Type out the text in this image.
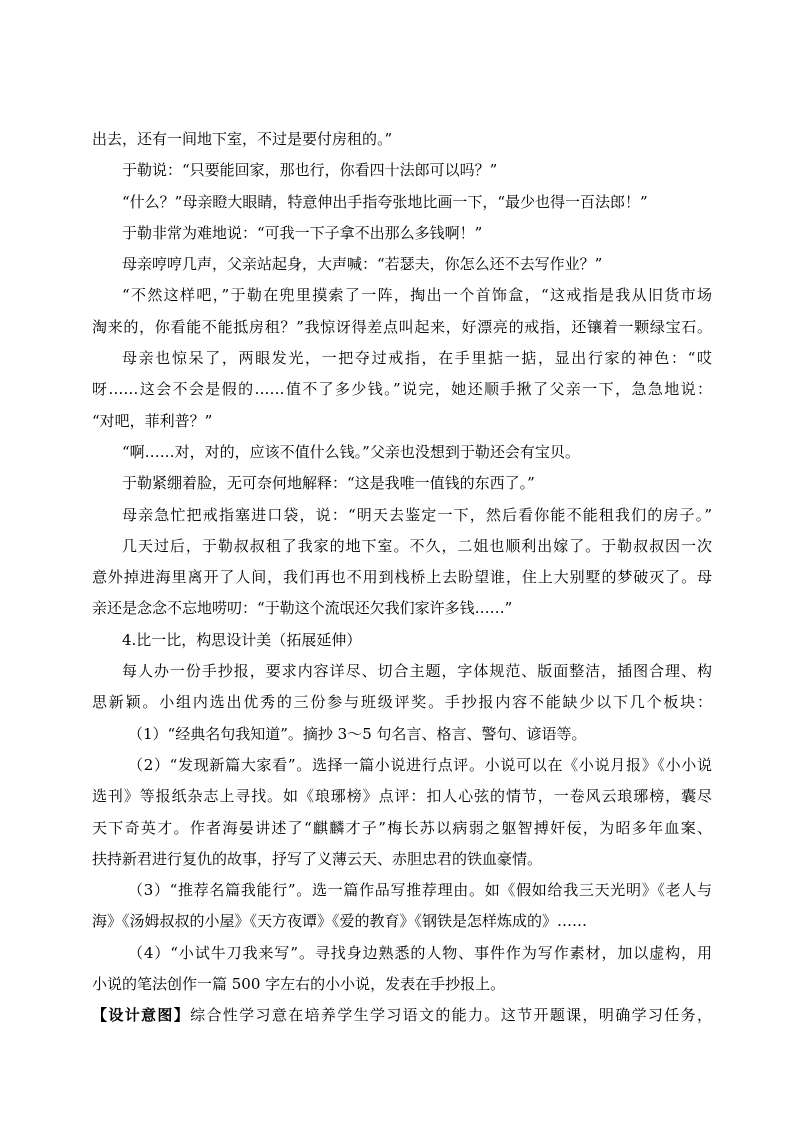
出去，还有一间地下室，不过是要付房租的。”
于勒说：“只要能回家，那也行，你看四十法郎可以吗？”
“什么？”母亲瞪大眼睛，特意伸出手指夸张地比画一下，“最少也得一百法郎！”
于勒非常为难地说：“可我一下子拿不出那么多钱啊！”
母亲哼哼几声，父亲站起身，大声喊：“若瑟夫，你怎么还不去写作业？”
“不然这样吧，”于勒在兜里摸索了一阵，掏出一个首饰盒，“这戒指是我从旧货市场
淘来的，你看能不能抵房租？”我惊讶得差点叫起来，好漂亮的戒指，还镶着一颗绿宝石。
母亲也惊呆了，两眼发光，一把夺过戒指，在手里掂一掂，显出行家的神色：“哎
呀……这会不会是假的……值不了多少钱。”说完，她还顺手揪了父亲一下，急急地说：
“对吧，菲利普？”
“啊……对，对的，应该不值什么钱。”父亲也没想到于勒还会有宝贝。
于勒紧绷着脸，无可奈何地解释：“这是我唯一值钱的东西了。”
母亲急忙把戒指塞进口袋，说：“明天去鉴定一下，然后看你能不能租我们的房子。”
几天过后，于勒叔叔租了我家的地下室。不久，二姐也顺利出嫁了。于勒叔叔因一次
意外掉进海里离开了人间，我们再也不用到栈桥上去盼望谁，住上大别墅的梦破灭了。母
亲还是念念不忘地唠叨：“于勒这个流氓还欠我们家许多钱……”
4.比一比，构思设计美（拓展延伸）
每人办一份手抄报，要求内容详尽、切合主题，字体规范、版面整洁，插图合理、构
思新颖。小组内选出优秀的三份参与班级评奖。手抄报内容不能缺少以下几个板块：
（1）“经典名句我知道”。摘抄 3～5 句名言、格言、警句、谚语等。
（2）“发现新篇大家看”。选择一篇小说进行点评。小说可以在《小说月报》《小小说
选刊》等报纸杂志上寻找。如《琅琊榜》点评：扣人心弦的情节，一卷风云琅琊榜，囊尽
天下奇英才。作者海晏讲述了“麒麟才子”梅长苏以病弱之躯智搏奸佞，为昭多年血案、
扶持新君进行复仇的故事，抒写了义薄云天、赤胆忠君的铁血豪情。
（3）“推荐名篇我能行”。选一篇作品写推荐理由。如《假如给我三天光明》《老人与
海》《汤姆叔叔的小屋》《天方夜谭》《爱的教育》《钢铁是怎样炼成的》……
（4）“小试牛刀我来写”。寻找身边熟悉的人物、事件作为写作素材，加以虚构，用
小说的笔法创作一篇 500 字左右的小小说，发表在手抄报上。
【设计意图】综合性学习意在培养学生学习语文的能力。这节开题课，明确学习任务，
